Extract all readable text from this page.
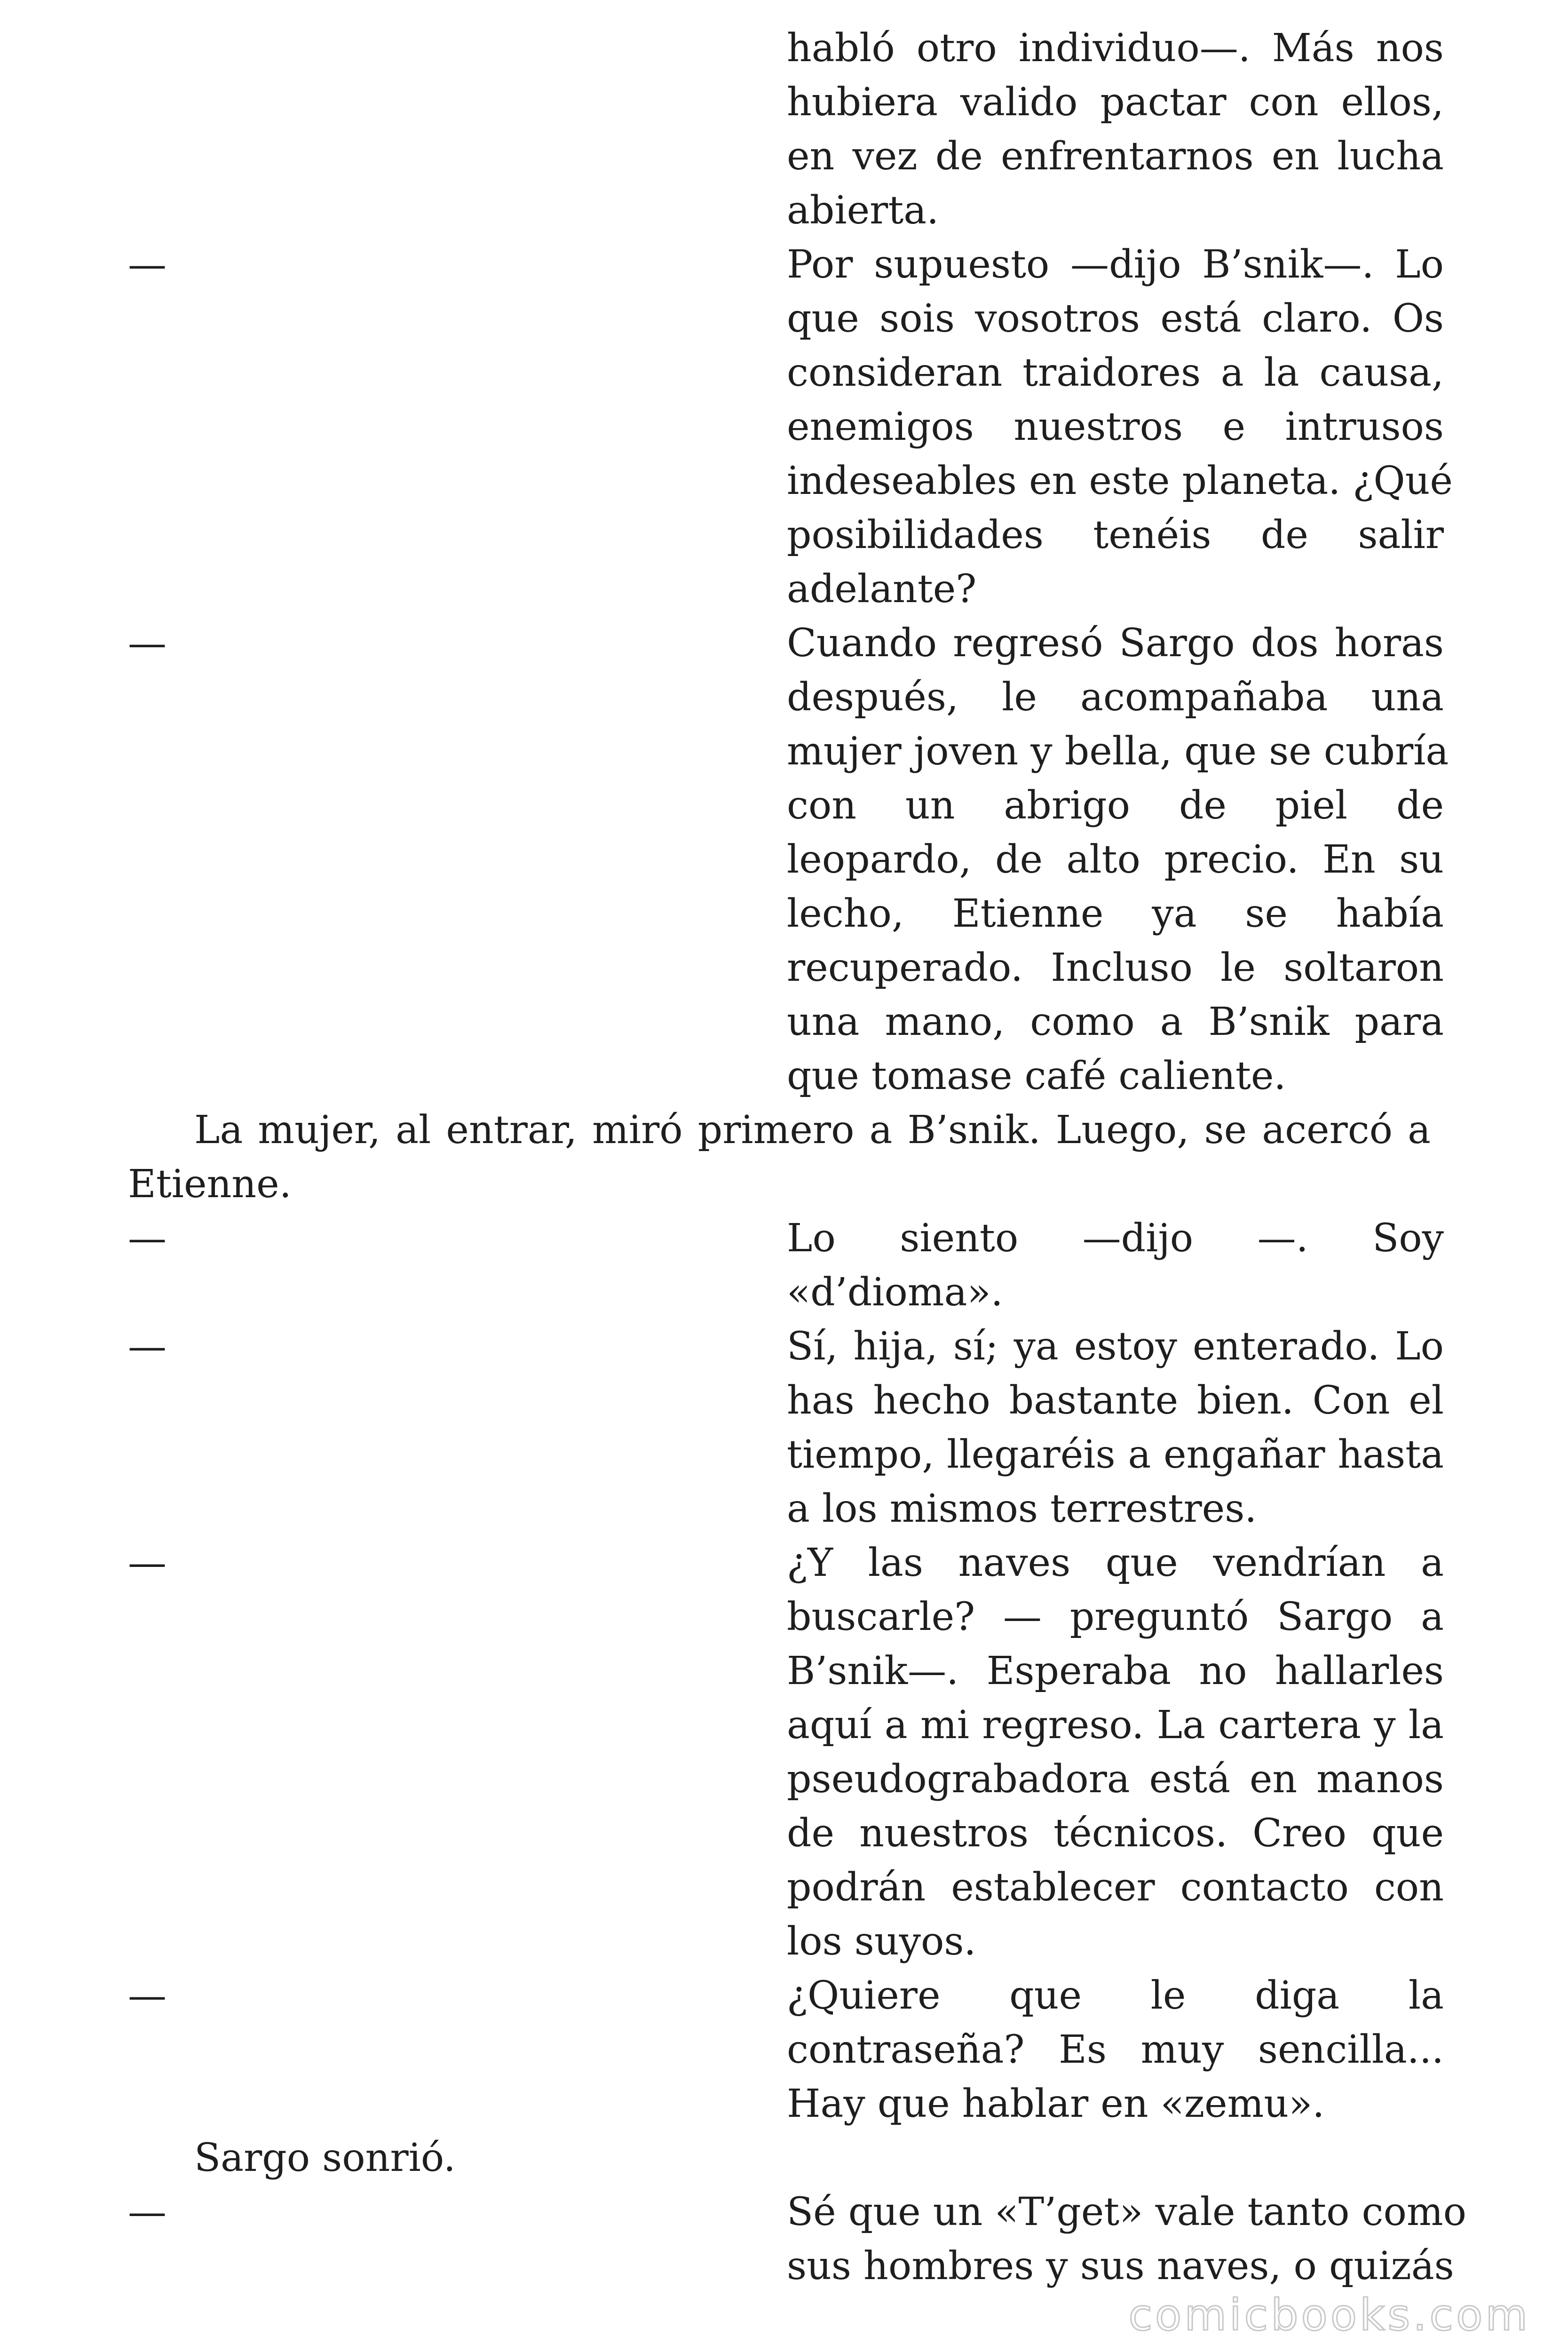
habló otro individuo—. Más nos
hubiera valido pactar con ellos,
en vez de enfrentarnos en lucha
abierta.
—	Por supuesto —dijo B’snik—. Lo
que sois vosotros está claro. Os
consideran traidores a la causa,
enemigos nuestros e intrusos
indeseables en este planeta. ¿Qué
posibilidades tenéis de salir
adelante?
—	Cuando regresó Sargo dos horas
después, le acompañaba una
mujer joven y bella, que se cubría
con un abrigo de piel de
leopardo, de alto precio. En su
lecho, Etienne ya se había
recuperado. Incluso le soltaron
una mano, como a B’snik para
que tomase café caliente.
La mujer, al entrar, miró primero a B’snik. Luego, se acercó a
Etienne.
—	Lo siento —dijo —. Soy
«d’dioma».
—	Sí, hija, sí; ya estoy enterado. Lo
has hecho bastante bien. Con el
tiempo, llegaréis a engañar hasta
a los mismos terrestres.
—	¿Y las naves que vendrían a
buscarle? — preguntó Sargo a
B’snik—. Esperaba no hallarles
aquí a mi regreso. La cartera y la
pseudograbadora está en manos
de nuestros técnicos. Creo que
podrán establecer contacto con
los suyos.
—	¿Quiere que le diga la
contraseña? Es muy sencilla...
Hay que hablar en «zemu».
Sargo sonrió.
—	Sé que un «T’get» vale tanto como
sus hombres y sus naves, o quizás
comicbooks.com
